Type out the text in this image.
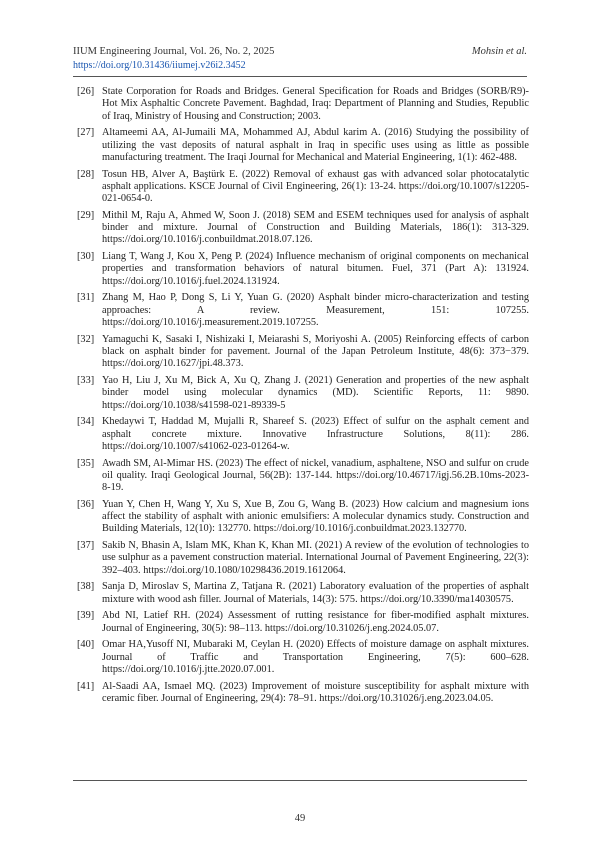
IIUM Engineering Journal, Vol. 26, No. 2, 2025	Mohsin et al.
https://doi.org/10.31436/iiumej.v26i2.3452
[26] State Corporation for Roads and Bridges. General Specification for Roads and Bridges (SORB/R9)-Hot Mix Asphaltic Concrete Pavement. Baghdad, Iraq: Department of Planning and Studies, Republic of Iraq, Ministry of Housing and Construction; 2003.
[27] Altameemi AA, Al-Jumaili MA, Mohammed AJ, Abdul karim A. (2016) Studying the possibility of utilizing the vast deposits of natural asphalt in Iraq in specific uses using as little as possible manufacturing treatment. The Iraqi Journal for Mechanical and Material Engineering, 1(1): 462-488.
[28] Tosun HB, Alver A, Baştürk E. (2022) Removal of exhaust gas with advanced solar photocatalytic asphalt applications. KSCE Journal of Civil Engineering, 26(1): 13-24. https://doi.org/10.1007/s12205-021-0654-0.
[29] Mithil M, Raju A, Ahmed W, Soon J. (2018) SEM and ESEM techniques used for analysis of asphalt binder and mixture. Journal of Construction and Building Materials, 186(1): 313-329. https://doi.org/10.1016/j.conbuildmat.2018.07.126.
[30] Liang T, Wang J, Kou X, Peng P. (2024) Influence mechanism of original components on mechanical properties and transformation behaviors of natural bitumen. Fuel, 371 (Part A): 131924. https://doi.org/10.1016/j.fuel.2024.131924.
[31] Zhang M, Hao P, Dong S, Li Y, Yuan G. (2020) Asphalt binder micro-characterization and testing approaches: A review. Measurement, 151: 107255. https://doi.org/10.1016/j.measurement.2019.107255.
[32] Yamaguchi K, Sasaki I, Nishizaki I, Meiarashi S, Moriyoshi A. (2005) Reinforcing effects of carbon black on asphalt binder for pavement. Journal of the Japan Petroleum Institute, 48(6): 373−379. https://doi.org/10.1627/jpi.48.373.
[33] Yao H, Liu J, Xu M, Bick A, Xu Q, Zhang J. (2021) Generation and properties of the new asphalt binder model using molecular dynamics (MD). Scientific Reports, 11: 9890. https://doi.org/10.1038/s41598-021-89339-5
[34] Khedaywi T, Haddad M, Mujalli R, Shareef S. (2023) Effect of sulfur on the asphalt cement and asphalt concrete mixture. Innovative Infrastructure Solutions, 8(11): 286. https://doi.org/10.1007/s41062-023-01264-w.
[35] Awadh SM, Al-Mimar HS. (2023) The effect of nickel, vanadium, asphaltene, NSO and sulfur on crude oil quality. Iraqi Geological Journal, 56(2B): 137-144. https://doi.org/10.46717/igj.56.2B.10ms-2023-8-19.
[36] Yuan Y, Chen H, Wang Y, Xu S, Xue B, Zou G, Wang B. (2023) How calcium and magnesium ions affect the stability of asphalt with anionic emulsifiers: A molecular dynamics study. Construction and Building Materials, 12(10): 132770. https://doi.org/10.1016/j.conbuildmat.2023.132770.
[37] Sakib N, Bhasin A, Islam MK, Khan K, Khan MI. (2021) A review of the evolution of technologies to use sulphur as a pavement construction material. International Journal of Pavement Engineering, 22(3): 392–403. https://doi.org/10.1080/10298436.2019.1612064.
[38] Sanja D, Miroslav S, Martina Z, Tatjana R. (2021) Laboratory evaluation of the properties of asphalt mixture with wood ash filler. Journal of Materials, 14(3): 575. https://doi.org/10.3390/ma14030575.
[39] Abd NI, Latief RH. (2024) Assessment of rutting resistance for fiber-modified asphalt mixtures. Journal of Engineering, 30(5): 98–113. https://doi.org/10.31026/j.eng.2024.05.07.
[40] Omar HA,Yusoff NI, Mubaraki M, Ceylan H. (2020) Effects of moisture damage on asphalt mixtures. Journal of Traffic and Transportation Engineering, 7(5): 600–628. https://doi.org/10.1016/j.jtte.2020.07.001.
[41] Al-Saadi AA, Ismael MQ. (2023) Improvement of moisture susceptibility for asphalt mixture with ceramic fiber. Journal of Engineering, 29(4): 78–91. https://doi.org/10.31026/j.eng.2023.04.05.
49
